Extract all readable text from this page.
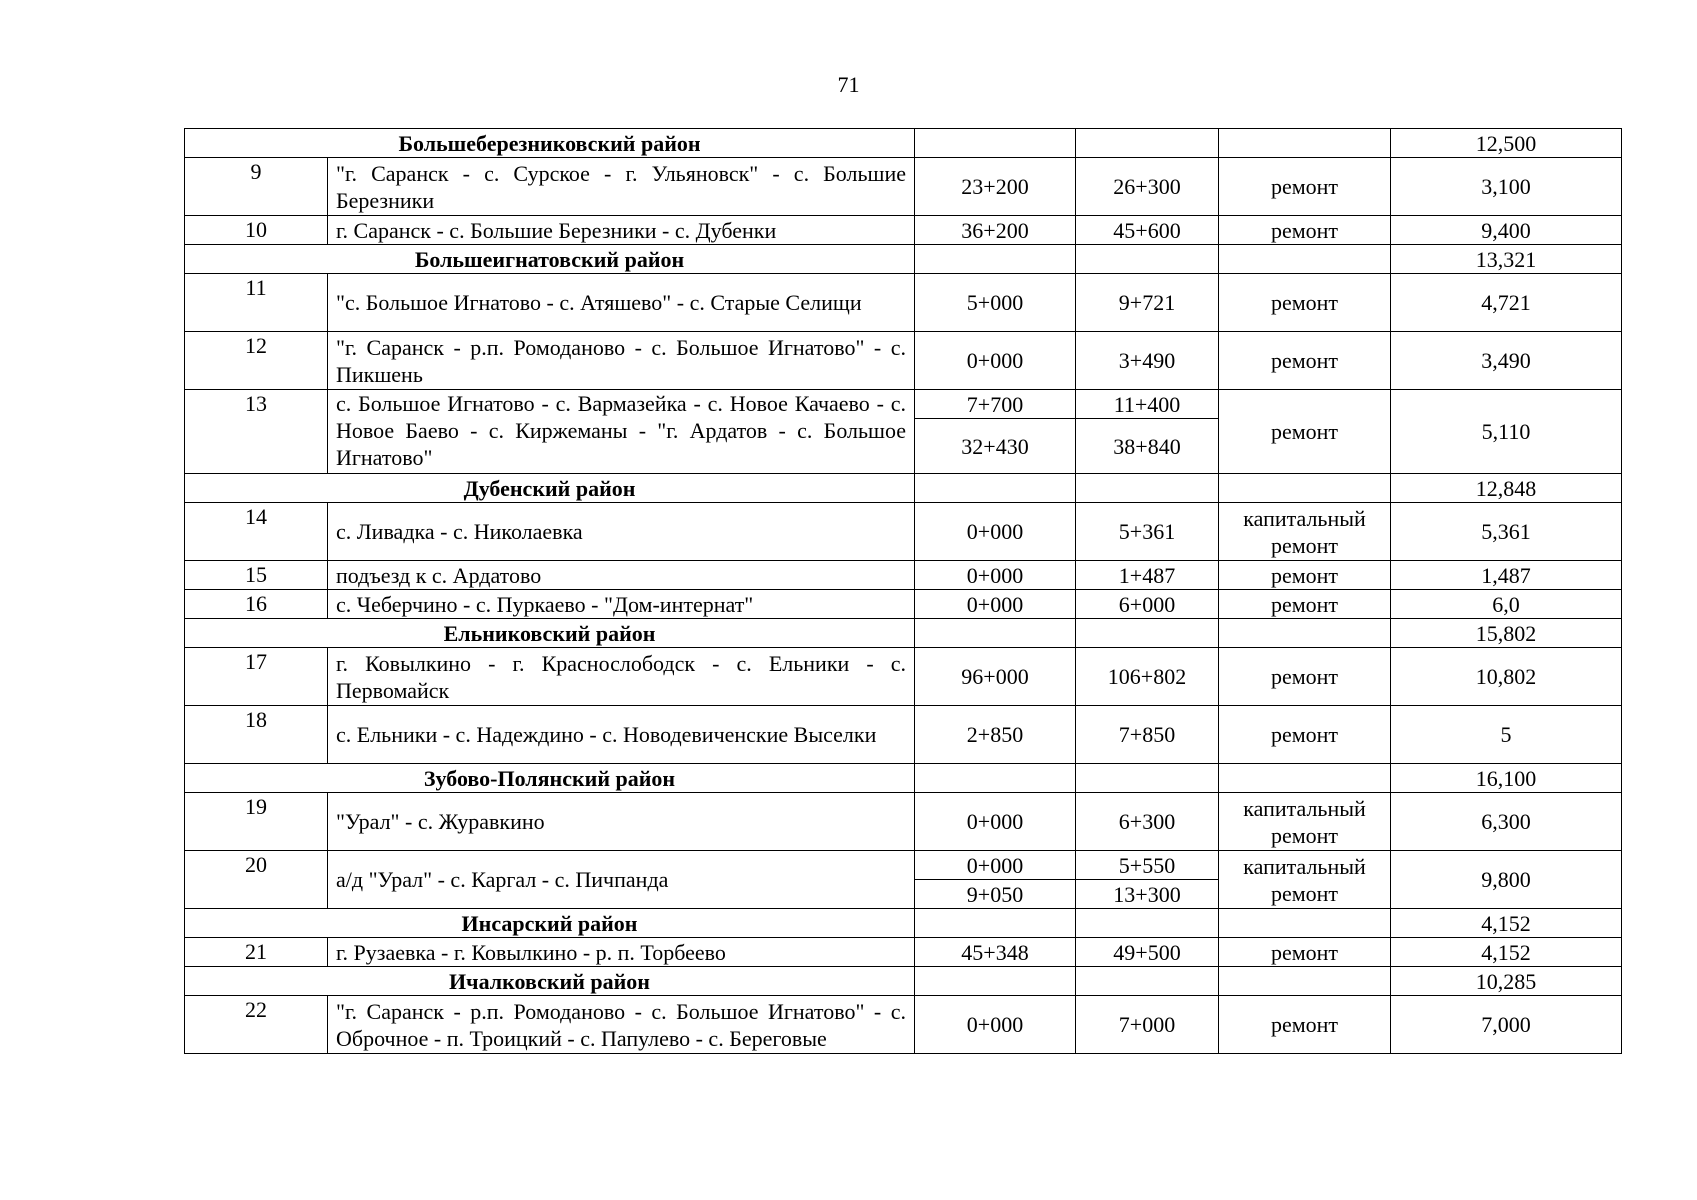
71
Большеберезниковский район					12,500
9	"г. Саранск - с. Сурское - г. Ульяновск" - с. Большие Березники	23+200	26+300	ремонт	3,100
10	г. Саранск - с. Большие Березники - с. Дубенки	36+200	45+600	ремонт	9,400
Большеигнатовский район					13,321
11	"с. Большое Игнатово - с. Атяшево" - с. Старые Селищи	5+000	9+721	ремонт	4,721
12	"г. Саранск - р.п. Ромоданово - с. Большое Игнатово" - с. Пикшень	0+000	3+490	ремонт	3,490
13	с. Большое Игнатово - с. Вармазейка - с. Новое Качаево - с. Новое Баево - с. Киржеманы - "г. Ардатов - с. Большое Игнатово"	7+700	11+400	ремонт	5,110
		32+430	38+840		
Дубенский район					12,848
14	с. Ливадка - с. Николаевка	0+000	5+361	капитальный ремонт	5,361
15	подъезд к с. Ардатово	0+000	1+487	ремонт	1,487
16	с. Чеберчино - с. Пуркаево - "Дом-интернат"	0+000	6+000	ремонт	6,0
Ельниковский район					15,802
17	г. Ковылкино - г. Краснослободск - с. Ельники - с. Первомайск	96+000	106+802	ремонт	10,802
18	с. Ельники - с. Надеждино - с. Новодевиченские Выселки	2+850	7+850	ремонт	5
Зубово-Полянский район					16,100
19	"Урал" - с. Журавкино	0+000	6+300	капитальный ремонт	6,300
20	а/д "Урал" - с. Каргал - с. Пичпанда	0+000	5+550	капитальный ремонт	9,800
		9+050	13+300		
Инсарский район					4,152
21	г. Рузаевка - г. Ковылкино - р. п. Торбеево	45+348	49+500	ремонт	4,152
Ичалковский район					10,285
22	"г. Саранск - р.п. Ромоданово - с. Большое Игнатово" - с. Оброчное - п. Троицкий - с. Папулево - с. Береговые	0+000	7+000	ремонт	7,000
